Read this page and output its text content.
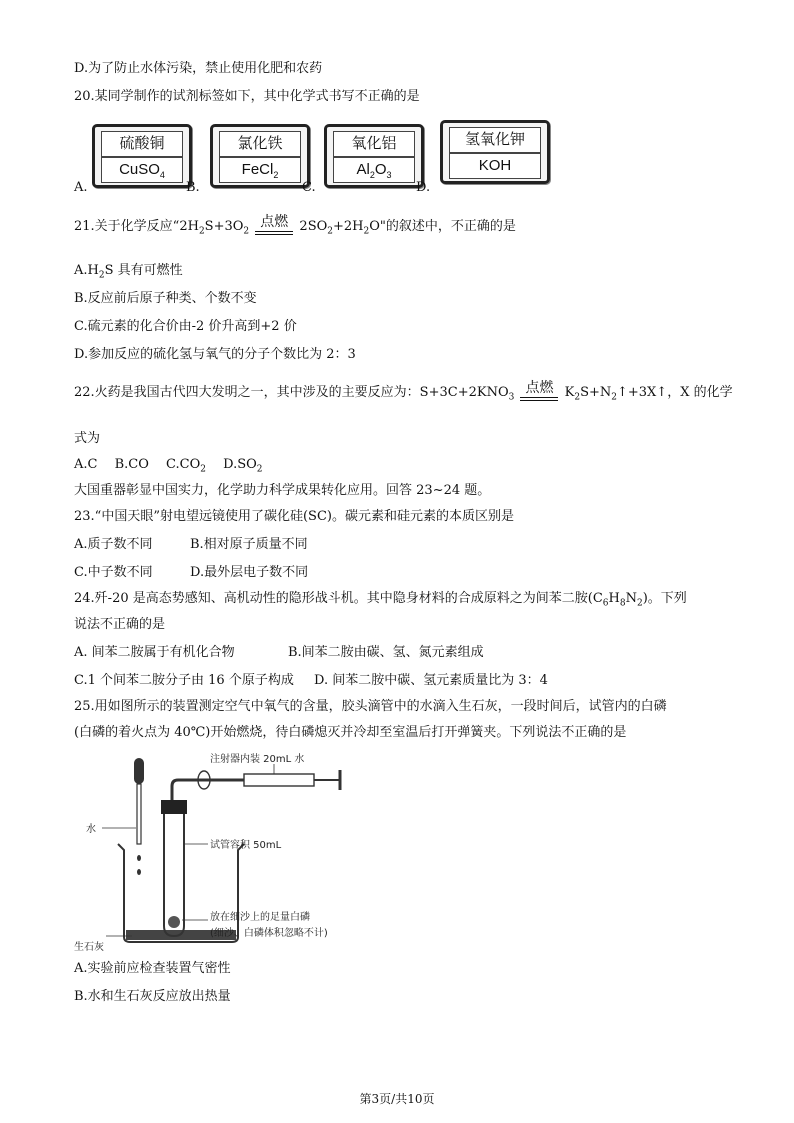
D.为了防止水体污染，禁止使用化肥和农药
20.某同学制作的试剂标签如下，其中化学式书写不正确的是
A.
硫酸铜
CuSO$_4$
B.
氯化铁
FeCl$_2$
C.
氧化铝
$Al_2O_3$
D.
氢氧化钾
KOH
21.关于化学反应“$2H_2S+3O_2$
点燃 $2SO_2+2H_2O$"的叙述中，不正确的是
$A.H_2S$ 具有可燃性
B.反应前后原子种类、个数不变
C.硫元素的化合价由-2 价升高到+2 价
D.参加反应的硫化氢与氧气的分子个数比为 2：3
22.火药是我国古代四大发明之一，其中涉及的主要反应为：$S+3C+2KNO_3$
点燃 $K_2S+N_2↑+3X↑$，X 的化学
式为
A.C　 B.CO　 $C.CO_2$　 $D.SO_2$
大国重器彰显中国实力，化学助力科学成果转化应用。回答 23~24 题。
23.“中国天眼”射电望远镜使用了碳化硅(SC)。碳元素和硅元素的本质区别是
A.质子数不同	B.相对原子质量不同
C.中子数不同	D.最外层电子数不同
24.歼-20 是高态势感知、高机动性的隐形战斗机。其中隐身材料的合成原料之为间苯二胺$(C_6H_8N_2)$。下列
说法不正确的是
A. 间苯二胺属于有机化合物	B.间苯二胺由碳、氢、氮元素组成
C.1 个间苯二胺分子由 16 个原子构成 D. 间苯二胺中碳、氢元素质量比为 3：4
25.用如图所示的装置测定空气中氧气的含量，胶头滴管中的水滴入生石灰，一段时间后，试管内的白磷
(白磷的着火点为 40℃)开始燃烧，待白磷熄灭并冷却至室温后打开弹簧夹。下列说法不正确的是
注射器内装 20mL 水
水
试管容积 50mL
放在细沙上的足量白磷
(细沙、白磷体积忽略不计)
生石灰
A.实验前应检查装置气密性
B.水和生石灰反应放出热量
第3页/共10页
